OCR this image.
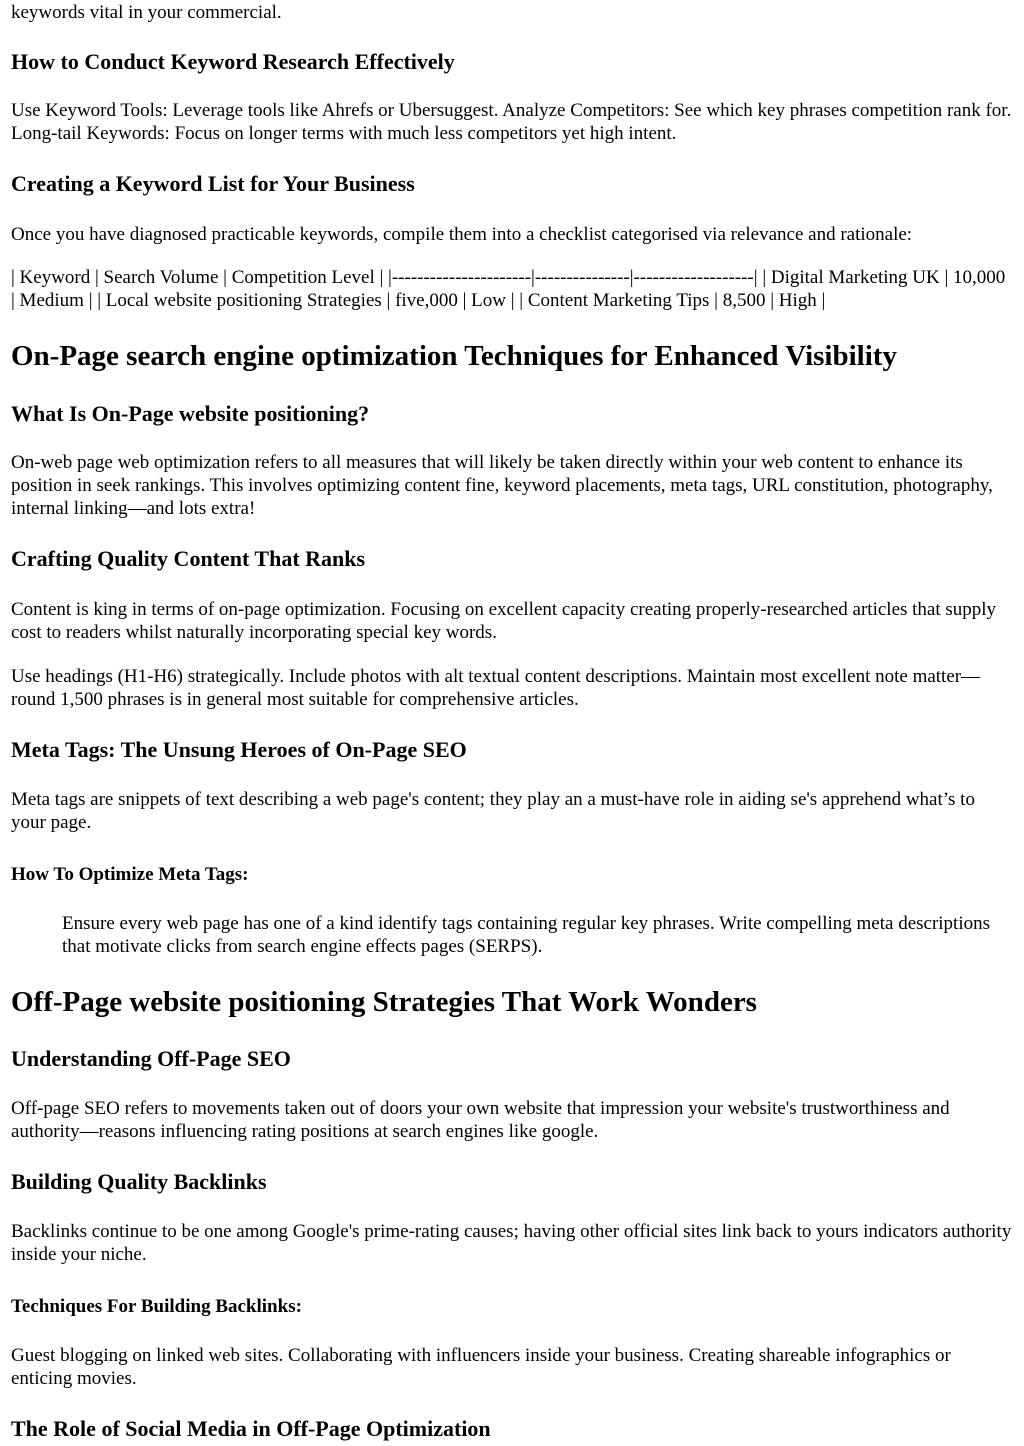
keywords vital in your commercial.

How to Conduct Keyword Research Effectively

Use Keyword Tools: Leverage tools like Ahrefs or Ubersuggest. Analyze Competitors: See which key phrases competition rank for. Long-tail Keywords: Focus on longer terms with much less competitors yet high intent.

Creating a Keyword List for Your Business

Once you have diagnosed practicable keywords, compile them into a checklist categorised via relevance and rationale:

| Keyword | Search Volume | Competition Level | |----------------------|---------------|-------------------| | Digital Marketing UK | 10,000 | Medium | | Local website positioning Strategies | five,000 | Low | | Content Marketing Tips | 8,500 | High |

On-Page search engine optimization Techniques for Enhanced Visibility
What Is On-Page website positioning?

On-web page web optimization refers to all measures that will likely be taken directly within your web content to enhance its position in seek rankings. This involves optimizing content fine, keyword placements, meta tags, URL constitution, photography, internal linking—and lots extra!

Crafting Quality Content That Ranks

Content is king in terms of on-page optimization. Focusing on excellent capacity creating properly-researched articles that supply cost to readers whilst naturally incorporating special key words.

Use headings (H1-H6) strategically. Include photos with alt textual content descriptions. Maintain most excellent note matter—round 1,500 phrases is in general most suitable for comprehensive articles.

Meta Tags: The Unsung Heroes of On-Page SEO

Meta tags are snippets of text describing a web page's content; they play an a must-have role in aiding se's apprehend what’s to your page.

How To Optimize Meta Tags:

Ensure every web page has one of a kind identify tags containing regular key phrases. Write compelling meta descriptions that motivate clicks from search engine effects pages (SERPS).

Off-Page website positioning Strategies That Work Wonders
Understanding Off-Page SEO

Off-page SEO refers to movements taken out of doors your own website that impression your website's trustworthiness and authority—reasons influencing rating positions at search engines like google.

Building Quality Backlinks

Backlinks continue to be one among Google's prime-rating causes; having other official sites link back to yours indicators authority inside your niche.

Techniques For Building Backlinks:

Guest blogging on linked web sites. Collaborating with influencers inside your business. Creating shareable infographics or enticing movies.

The Role of Social Media in Off-Page Optimization
